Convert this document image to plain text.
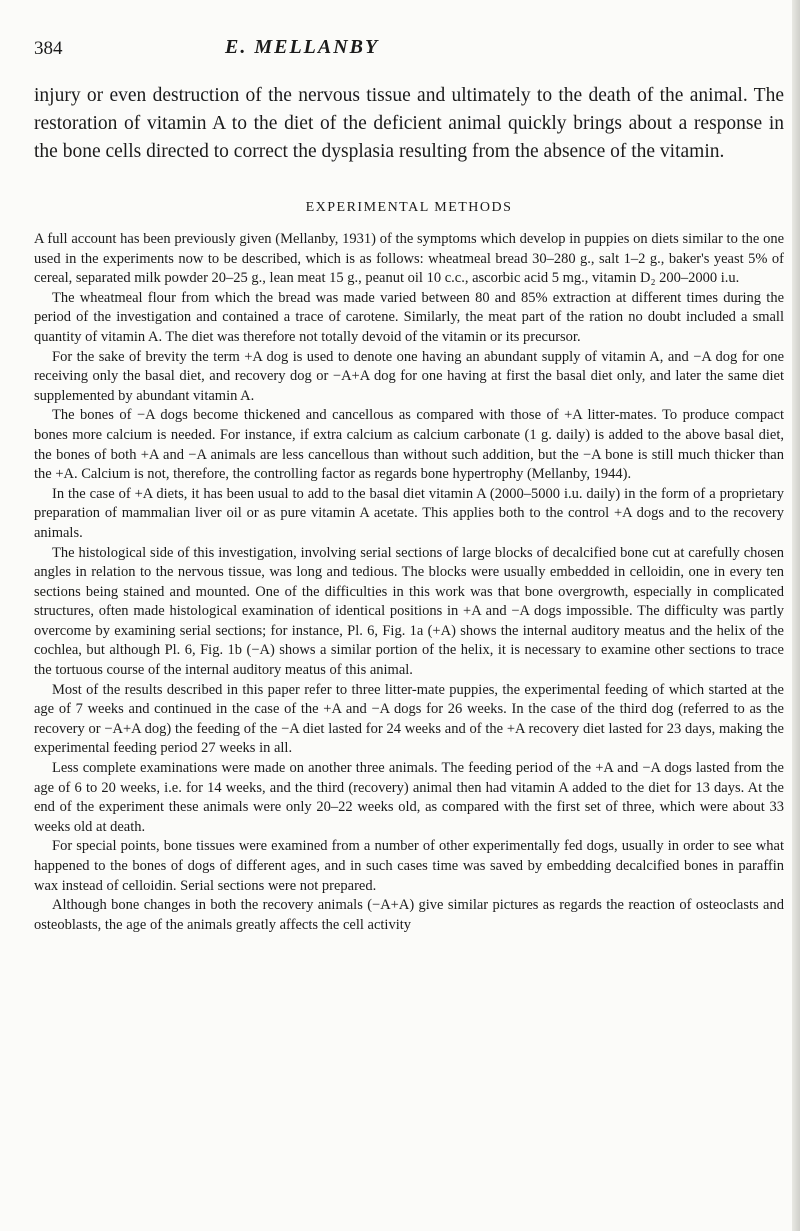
384	E. MELLANBY

injury or even destruction of the nervous tissue and ultimately to the death of the animal. The restoration of vitamin A to the diet of the deficient animal quickly brings about a response in the bone cells directed to correct the dysplasia resulting from the absence of the vitamin.

EXPERIMENTAL METHODS

A full account has been previously given (Mellanby, 1931) of the symptoms which develop in puppies on diets similar to the one used in the experiments now to be described, which is as follows: wheatmeal bread 30–280 g., salt 1–2 g., baker's yeast 5% of cereal, separated milk powder 20–25 g., lean meat 15 g., peanut oil 10 c.c., ascorbic acid 5 mg., vitamin D₂ 200–2000 i.u.

The wheatmeal flour from which the bread was made varied between 80 and 85% extraction at different times during the period of the investigation and contained a trace of carotene. Similarly, the meat part of the ration no doubt included a small quantity of vitamin A. The diet was therefore not totally devoid of the vitamin or its precursor.

For the sake of brevity the term +A dog is used to denote one having an abundant supply of vitamin A, and −A dog for one receiving only the basal diet, and recovery dog or −A+A dog for one having at first the basal diet only, and later the same diet supplemented by abundant vitamin A.

The bones of −A dogs become thickened and cancellous as compared with those of +A litter-mates. To produce compact bones more calcium is needed. For instance, if extra calcium as calcium carbonate (1 g. daily) is added to the above basal diet, the bones of both +A and −A animals are less cancellous than without such addition, but the −A bone is still much thicker than the +A. Calcium is not, therefore, the controlling factor as regards bone hypertrophy (Mellanby, 1944).

In the case of +A diets, it has been usual to add to the basal diet vitamin A (2000–5000 i.u. daily) in the form of a proprietary preparation of mammalian liver oil or as pure vitamin A acetate. This applies both to the control +A dogs and to the recovery animals.

The histological side of this investigation, involving serial sections of large blocks of decalcified bone cut at carefully chosen angles in relation to the nervous tissue, was long and tedious. The blocks were usually embedded in celloidin, one in every ten sections being stained and mounted. One of the difficulties in this work was that bone overgrowth, especially in complicated structures, often made histological examination of identical positions in +A and −A dogs impossible. The difficulty was partly overcome by examining serial sections; for instance, Pl. 6, Fig. 1a (+A) shows the internal auditory meatus and the helix of the cochlea, but although Pl. 6, Fig. 1b (−A) shows a similar portion of the helix, it is necessary to examine other sections to trace the tortuous course of the internal auditory meatus of this animal.

Most of the results described in this paper refer to three litter-mate puppies, the experimental feeding of which started at the age of 7 weeks and continued in the case of the +A and −A dogs for 26 weeks. In the case of the third dog (referred to as the recovery or −A+A dog) the feeding of the −A diet lasted for 24 weeks and of the +A recovery diet lasted for 23 days, making the experimental feeding period 27 weeks in all.

Less complete examinations were made on another three animals. The feeding period of the +A and −A dogs lasted from the age of 6 to 20 weeks, i.e. for 14 weeks, and the third (recovery) animal then had vitamin A added to the diet for 13 days. At the end of the experiment these animals were only 20–22 weeks old, as compared with the first set of three, which were about 33 weeks old at death.

For special points, bone tissues were examined from a number of other experimentally fed dogs, usually in order to see what happened to the bones of dogs of different ages, and in such cases time was saved by embedding decalcified bones in paraffin wax instead of celloidin. Serial sections were not prepared.

Although bone changes in both the recovery animals (−A+A) give similar pictures as regards the reaction of osteoclasts and osteoblasts, the age of the animals greatly affects the cell activity
